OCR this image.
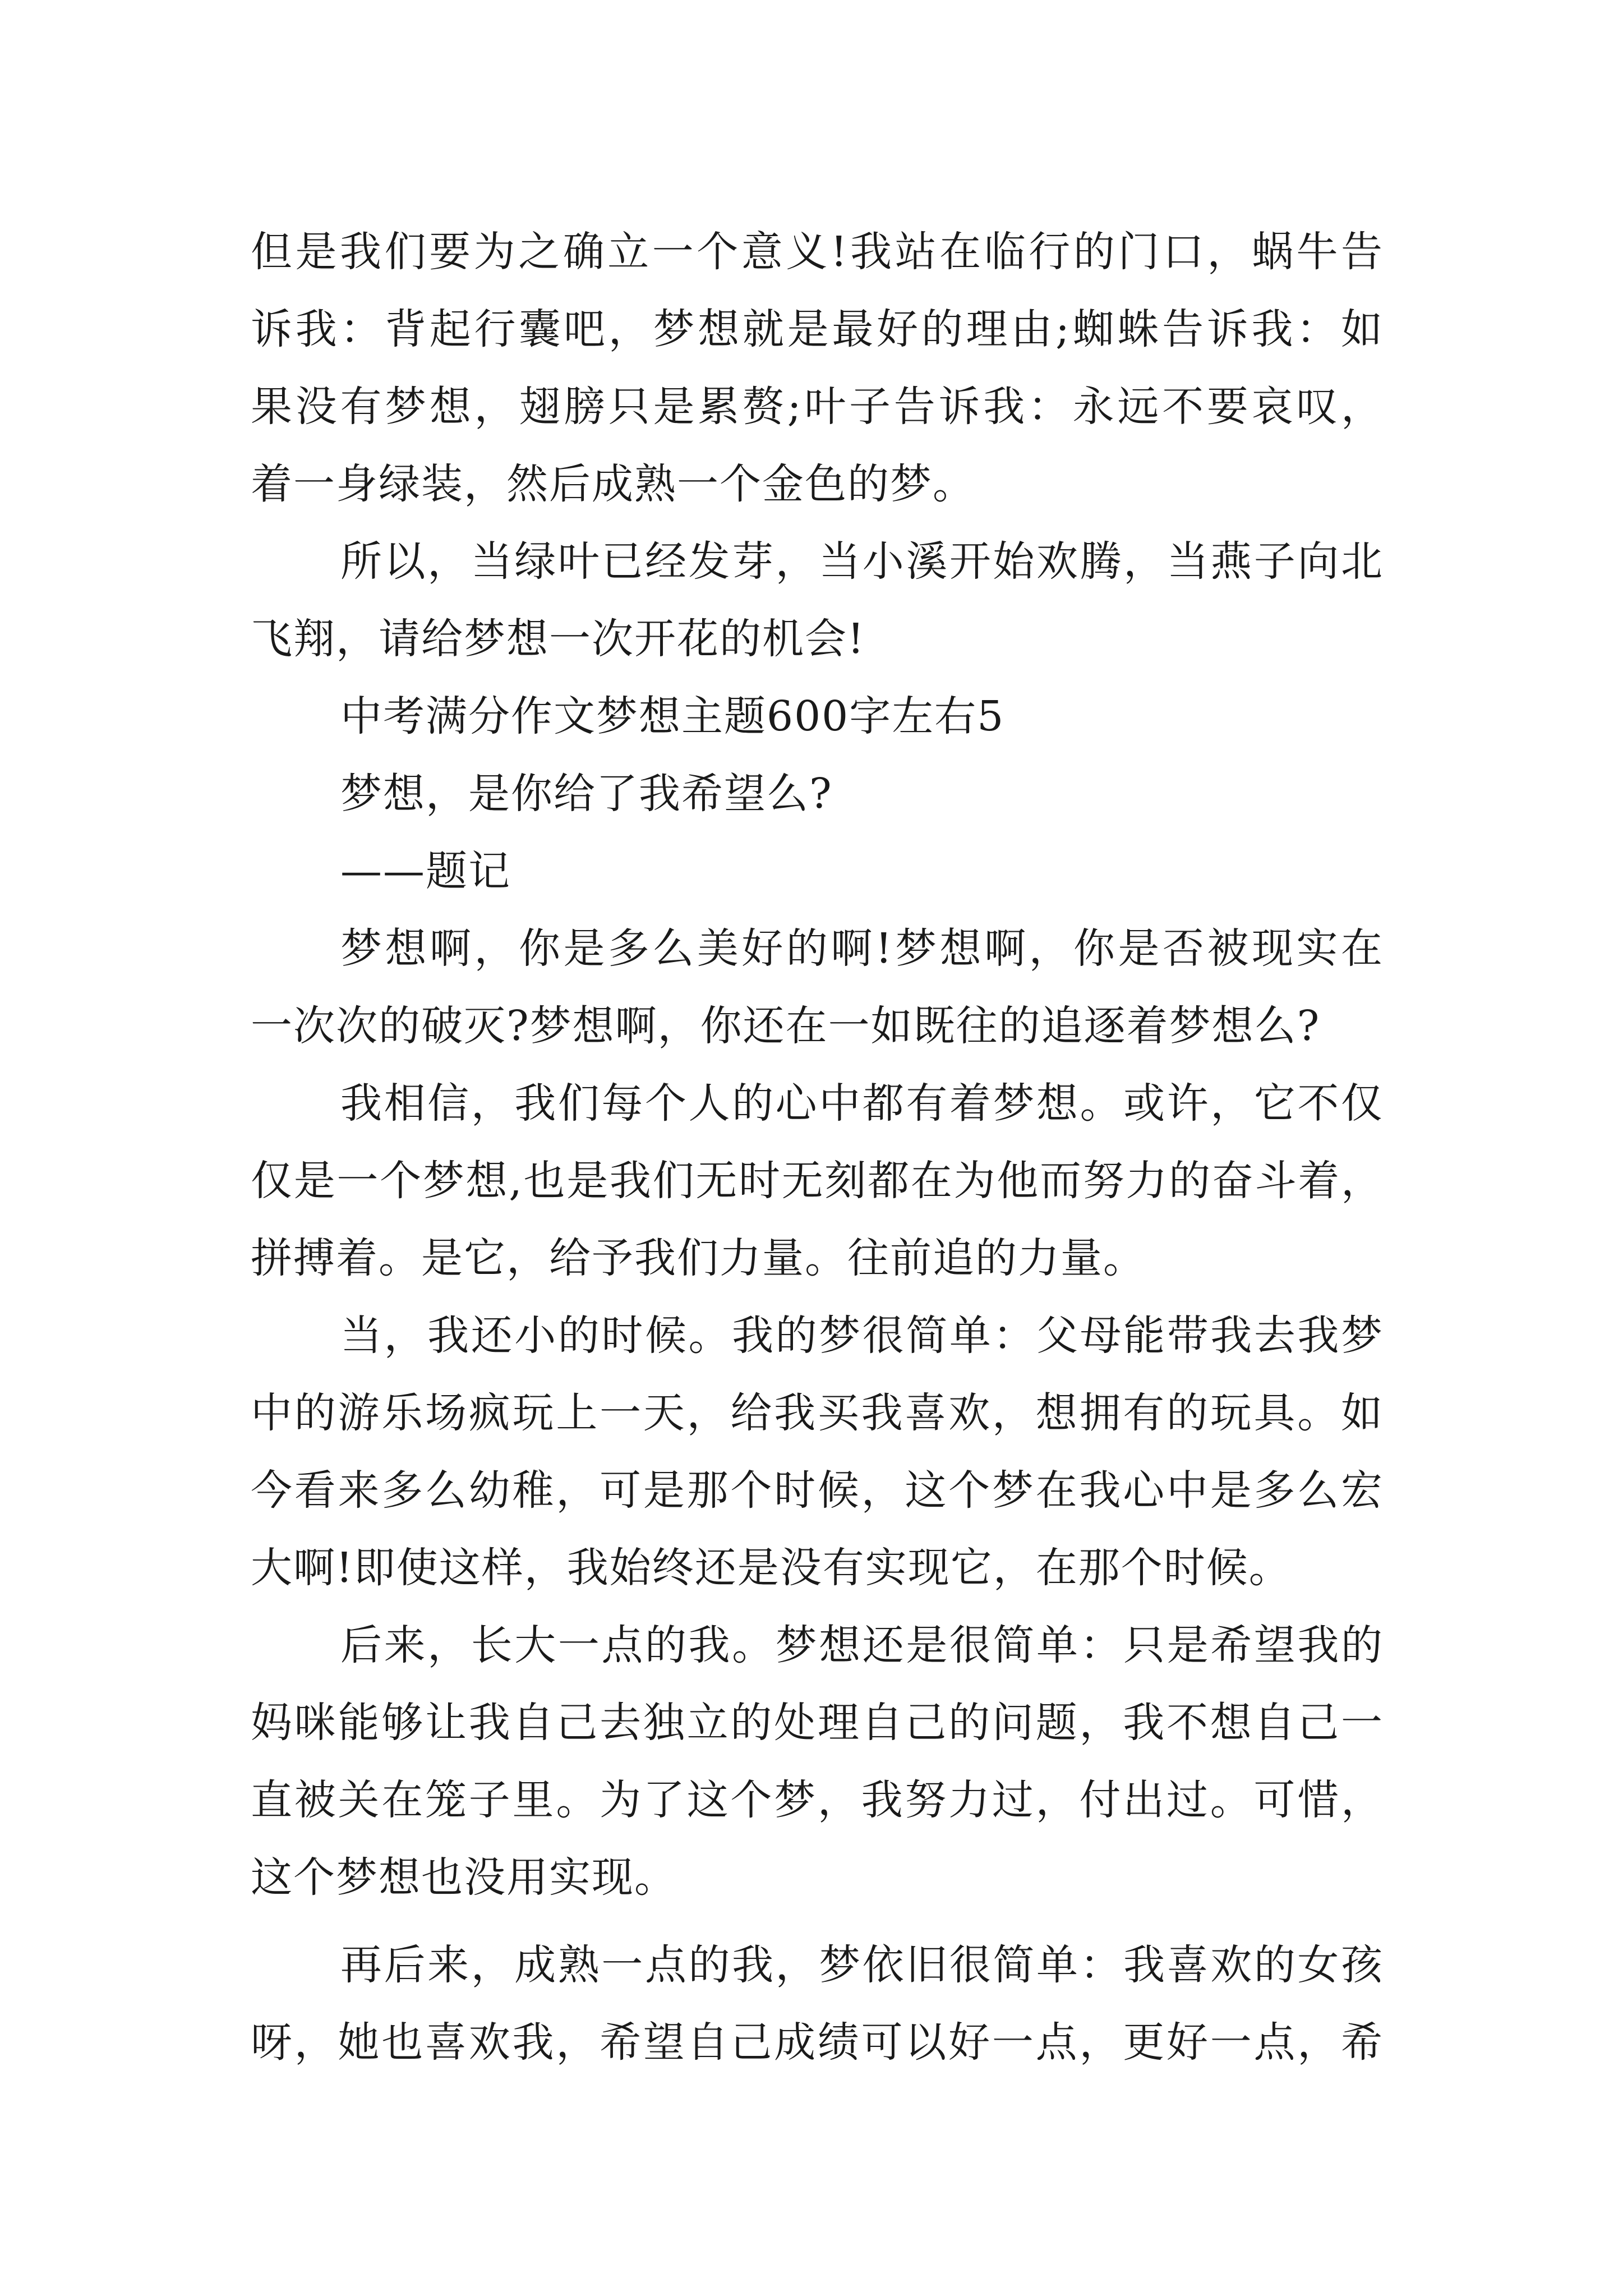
但是我们要为之确立一个意义!我站在临行的门口，蜗牛告
诉我：背起行囊吧，梦想就是最好的理由;蜘蛛告诉我：如
果没有梦想，翅膀只是累赘;叶子告诉我：永远不要哀叹，
着一身绿装，然后成熟一个金色的梦。
所以，当绿叶已经发芽，当小溪开始欢腾，当燕子向北
飞翔，请给梦想一次开花的机会!
中考满分作文梦想主题600字左右5
梦想，是你给了我希望么?
——题记
梦想啊，你是多么美好的啊!梦想啊，你是否被现实在
一次次的破灭?梦想啊，你还在一如既往的追逐着梦想么?
我相信，我们每个人的心中都有着梦想。或许，它不仅
仅是一个梦想,也是我们无时无刻都在为他而努力的奋斗着，
拼搏着。是它，给予我们力量。往前追的力量。
当，我还小的时候。我的梦很简单：父母能带我去我梦
中的游乐场疯玩上一天，给我买我喜欢，想拥有的玩具。如
今看来多么幼稚，可是那个时候，这个梦在我心中是多么宏
大啊!即使这样，我始终还是没有实现它，在那个时候。
后来，长大一点的我。梦想还是很简单：只是希望我的
妈咪能够让我自己去独立的处理自己的问题，我不想自己一
直被关在笼子里。为了这个梦，我努力过，付出过。可惜，
这个梦想也没用实现。
再后来，成熟一点的我，梦依旧很简单：我喜欢的女孩
呀，她也喜欢我，希望自己成绩可以好一点，更好一点，希
